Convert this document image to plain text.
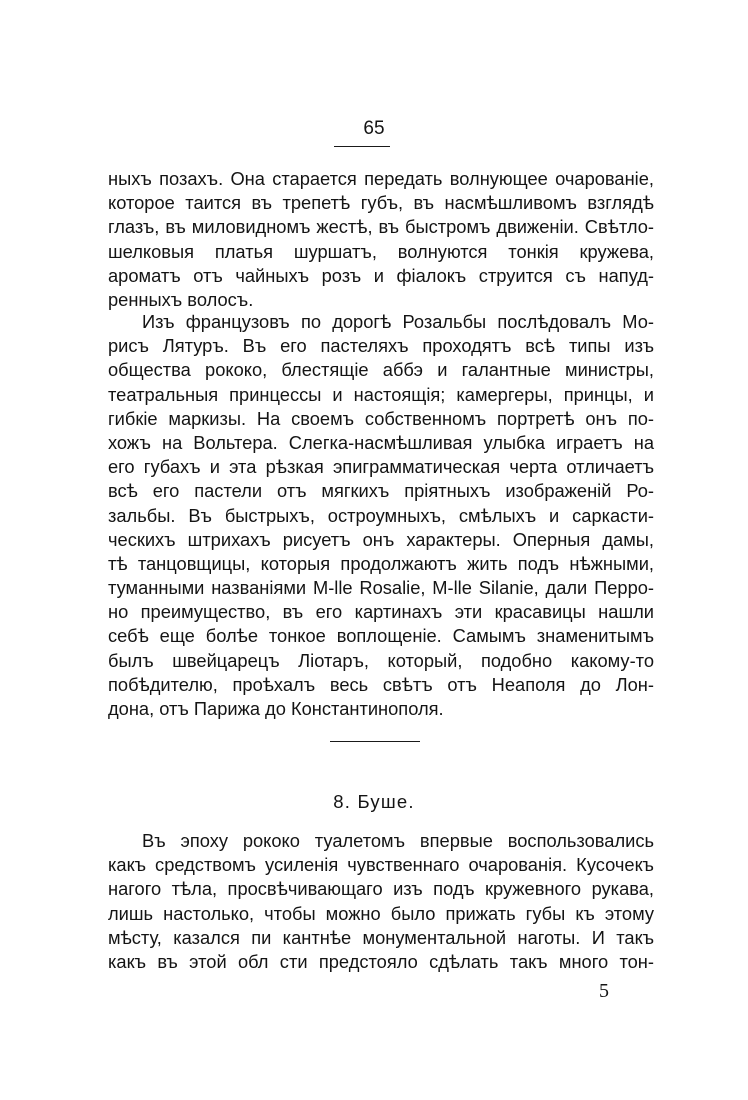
65
ныхъ позахъ. Она старается передать волнующее очарованіе,
которое таится въ трепетѣ губъ, въ насмѣшливомъ взглядѣ
глазъ, въ миловидномъ жестѣ, въ быстромъ движеніи. Свѣтло-
шелковыя платья шуршатъ, волнуются тонкія кружева,
ароматъ отъ чайныхъ розъ и фіалокъ струится съ напуд-
ренныхъ волосъ.
Изъ французовъ по дорогѣ Розальбы послѣдовалъ Мо-
рисъ Лятуръ. Въ его пастеляхъ проходятъ всѣ типы изъ
общества рококо, блестящіе аббэ и галантные министры,
театральныя принцессы и настоящія; камергеры, принцы, и
гибкіе маркизы. На своемъ собственномъ портретѣ онъ по-
хожъ на Вольтера. Слегка-насмѣшливая улыбка играетъ на
его губахъ и эта рѣзкая эпиграмматическая черта отличаетъ
всѣ его пастели отъ мягкихъ пріятныхъ изображеній Ро-
зальбы. Въ быстрыхъ, остроумныхъ, смѣлыхъ и саркасти-
ческихъ штрихахъ рисуетъ онъ характеры. Оперныя дамы,
тѣ танцовщицы, которыя продолжаютъ жить подъ нѣжными,
туманными названіями M-lle Rosalie, M-lle Silanie, дали Перро-
но преимущество, въ его картинахъ эти красавицы нашли
себѣ еще болѣе тонкое воплощеніе. Самымъ знаменитымъ
былъ швейцарецъ Ліотаръ, который, подобно какому-то
побѣдителю, проѣхалъ весь свѣтъ отъ Неаполя до Лон-
дона, отъ Парижа до Константинополя.
8. Буше.
Въ эпоху рококо туалетомъ впервые воспользовались
какъ средствомъ усиленія чувственнаго очарованія. Кусочекъ
нагого тѣла, просвѣчивающаго изъ подъ кружевного рукава,
лишь настолько, чтобы можно было прижать губы къ этому
мѣсту, казался пи кантнѣе монументальной наготы. И такъ
какъ въ этой обл сти предстояло сдѣлать такъ много тон-
5
